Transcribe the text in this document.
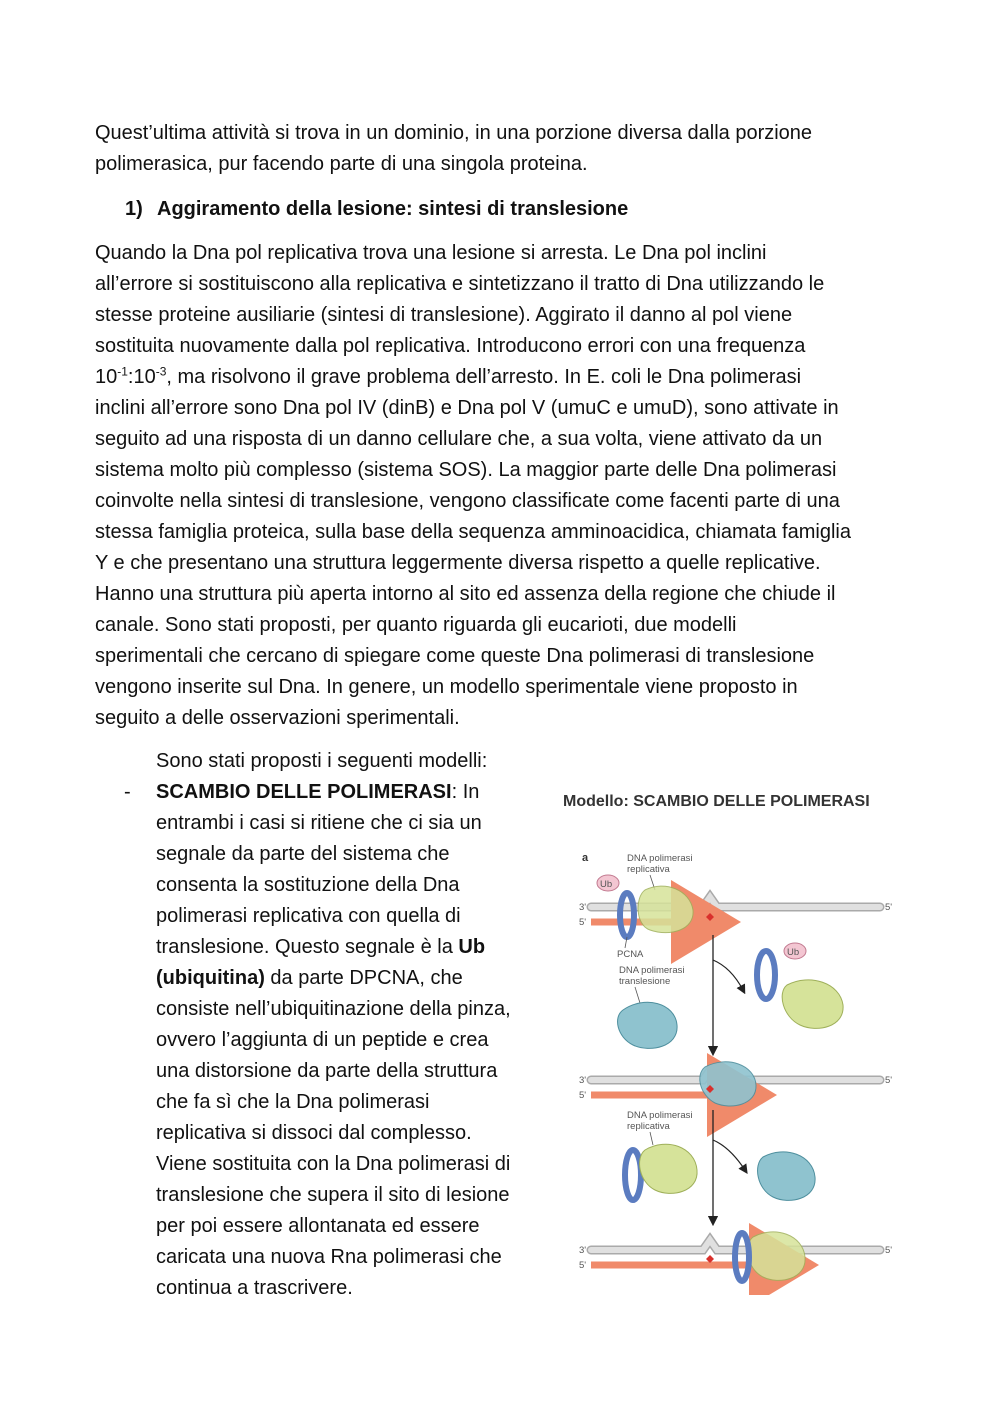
Quest’ultima attività si trova in un dominio, in una porzione diversa dalla porzione
polimerasica, pur facendo parte di una singola proteina.

1) Aggiramento della lesione: sintesi di translesione

Quando la Dna pol replicativa trova una lesione si arresta. Le Dna pol inclini
all’errore si sostituiscono alla replicativa e sintetizzano il tratto di Dna utilizzando le
stesse proteine ausiliarie (sintesi di translesione). Aggirato il danno al pol viene
sostituita nuovamente dalla pol replicativa. Introducono errori con una frequenza
$10^{-1}:10^{-3}$, ma risolvono il grave problema dell’arresto. In E. coli le Dna polimerasi
inclini all’errore sono Dna pol IV (dinB) e Dna pol V (umuC e umuD), sono attivate in
seguito ad una risposta di un danno cellulare che, a sua volta, viene attivato da un
sistema molto più complesso (sistema SOS). La maggior parte delle Dna polimerasi
coinvolte nella sintesi di translesione, vengono classificate come facenti parte di una
stessa famiglia proteica, sulla base della sequenza amminoacidica, chiamata famiglia
Y e che presentano una struttura leggermente diversa rispetto a quelle replicative.
Hanno una struttura più aperta intorno al sito ed assenza della regione che chiude il
canale. Sono stati proposti, per quanto riguarda gli eucarioti, due modelli
sperimentali che cercano di spiegare come queste Dna polimerasi di translesione
vengono inserite sul Dna. In genere, un modello sperimentale viene proposto in
seguito a delle osservazioni sperimentali.

-

Sono stati proposti i seguenti modelli:

SCAMBIO DELLE POLIMERASI: In
entrambi i casi si ritiene che ci sia un
segnale da parte del sistema che
consenta la sostituzione della Dna
polimerasi replicativa con quella di
translesione. Questo segnale è la Ub
(ubiquitina) da parte DPCNA, che
consiste nell’ubiquitinazione della pinza,
ovvero l’aggiunta di un peptide e crea
una distorsione da parte della struttura
che fa sì che la Dna polimerasi
replicativa si dissoci dal complesso.
Viene sostituita con la Dna polimerasi di
translesione che supera il sito di lesione
per poi essere allontanata ed essere
caricata una nuova Rna polimerasi che
continua a trascrivere.

Modello: SCAMBIO DELLE POLIMERASI
a	DNA polimerasi
replicativa
Ub
3'	5'
5'
PCNA
DNA polimerasi
translesione
Ub
3'	5'
5'
DNA polimerasi
replicativa
3'	5'
5'
